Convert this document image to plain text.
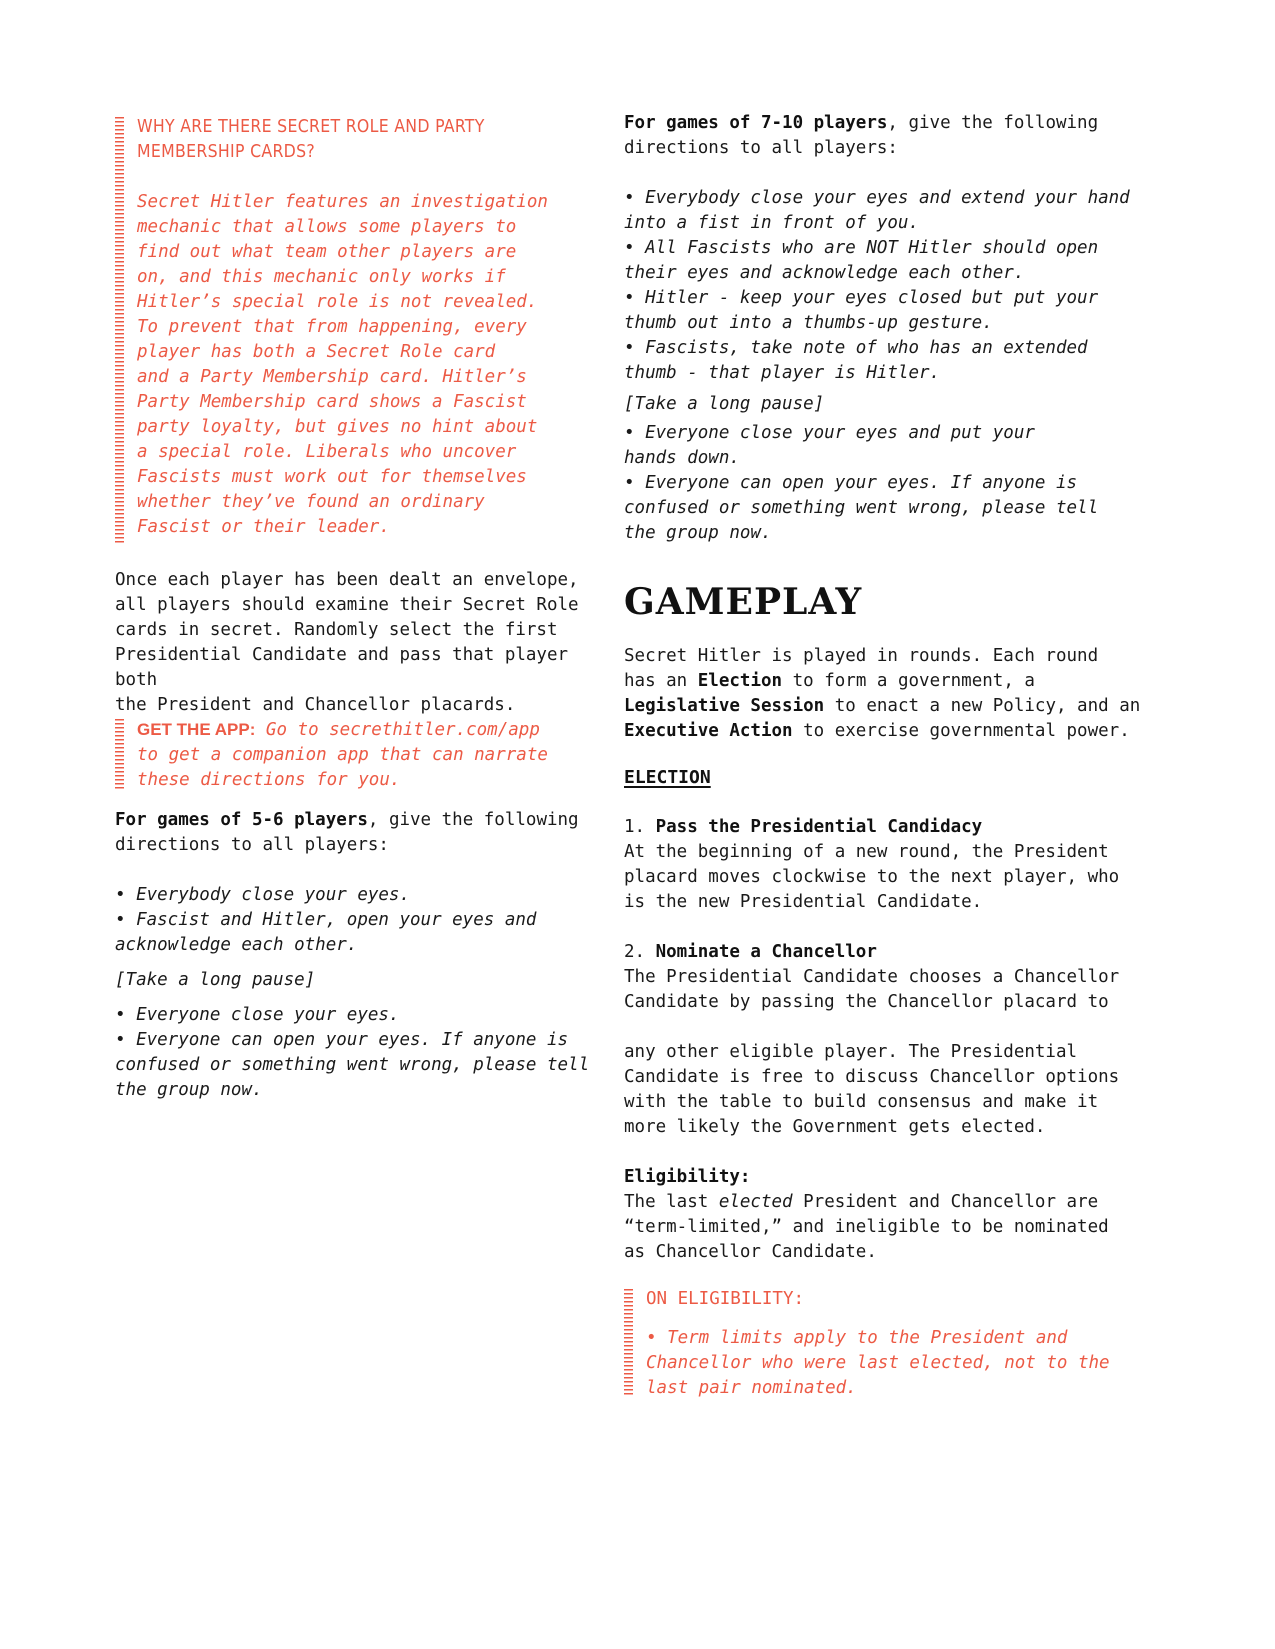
WHY ARE THERE SECRET ROLE AND PARTY

MEMBERSHIP CARDS?

Secret Hitler features an investigation

mechanic that allows some players to

find out what team other players are

on, and this mechanic only works if

Hitler’s special role is not revealed.

To prevent that from happening, every

player has both a Secret Role card

and a Party Membership card. Hitler’s

Party Membership card shows a Fascist

party loyalty, but gives no hint about

a special role. Liberals who uncover

Fascists must work out for themselves

whether they’ve found an ordinary

Fascist or their leader.

Once each player has been dealt an envelope,

all players should examine their Secret Role

cards in secret. Randomly select the first

Presidential Candidate and pass that player both

the President and Chancellor placards.

GET THE APP: Go to secrethitler.com/app

to get a companion app that can narrate

these directions for you.

For games of 5-6 players, give the following

directions to all players:

• Everybody close your eyes.

• Fascist and Hitler, open your eyes and

acknowledge each other.

[Take a long pause]

• Everyone close your eyes.

• Everyone can open your eyes. If anyone is

confused or something went wrong, please tell

the group now.

For games of 7-10 players, give the following

directions to all players:

• Everybody close your eyes and extend your hand

into a fist in front of you.

• All Fascists who are NOT Hitler should open

their eyes and acknowledge each other.

• Hitler - keep your eyes closed but put your

thumb out into a thumbs-up gesture.

• Fascists, take note of who has an extended

thumb - that player is Hitler.

[Take a long pause]

• Everyone close your eyes and put your

hands down.

• Everyone can open your eyes. If anyone is

confused or something went wrong, please tell

the group now.

GAMEPLAY

Secret Hitler is played in rounds. Each round

has an Election to form a government, a

Legislative Session to enact a new Policy, and an

Executive Action to exercise governmental power.

ELECTION

1. Pass the Presidential Candidacy

At the beginning of a new round, the President

placard moves clockwise to the next player, who

is the new Presidential Candidate.

2. Nominate a Chancellor

The Presidential Candidate chooses a Chancellor

Candidate by passing the Chancellor placard to

any other eligible player. The Presidential

Candidate is free to discuss Chancellor options

with the table to build consensus and make it

more likely the Government gets elected.

Eligibility:

The last elected President and Chancellor are

“term-limited,” and ineligible to be nominated

as Chancellor Candidate.

ON ELIGIBILITY:

• Term limits apply to the President and

Chancellor who were last elected, not to the

last pair nominated.
